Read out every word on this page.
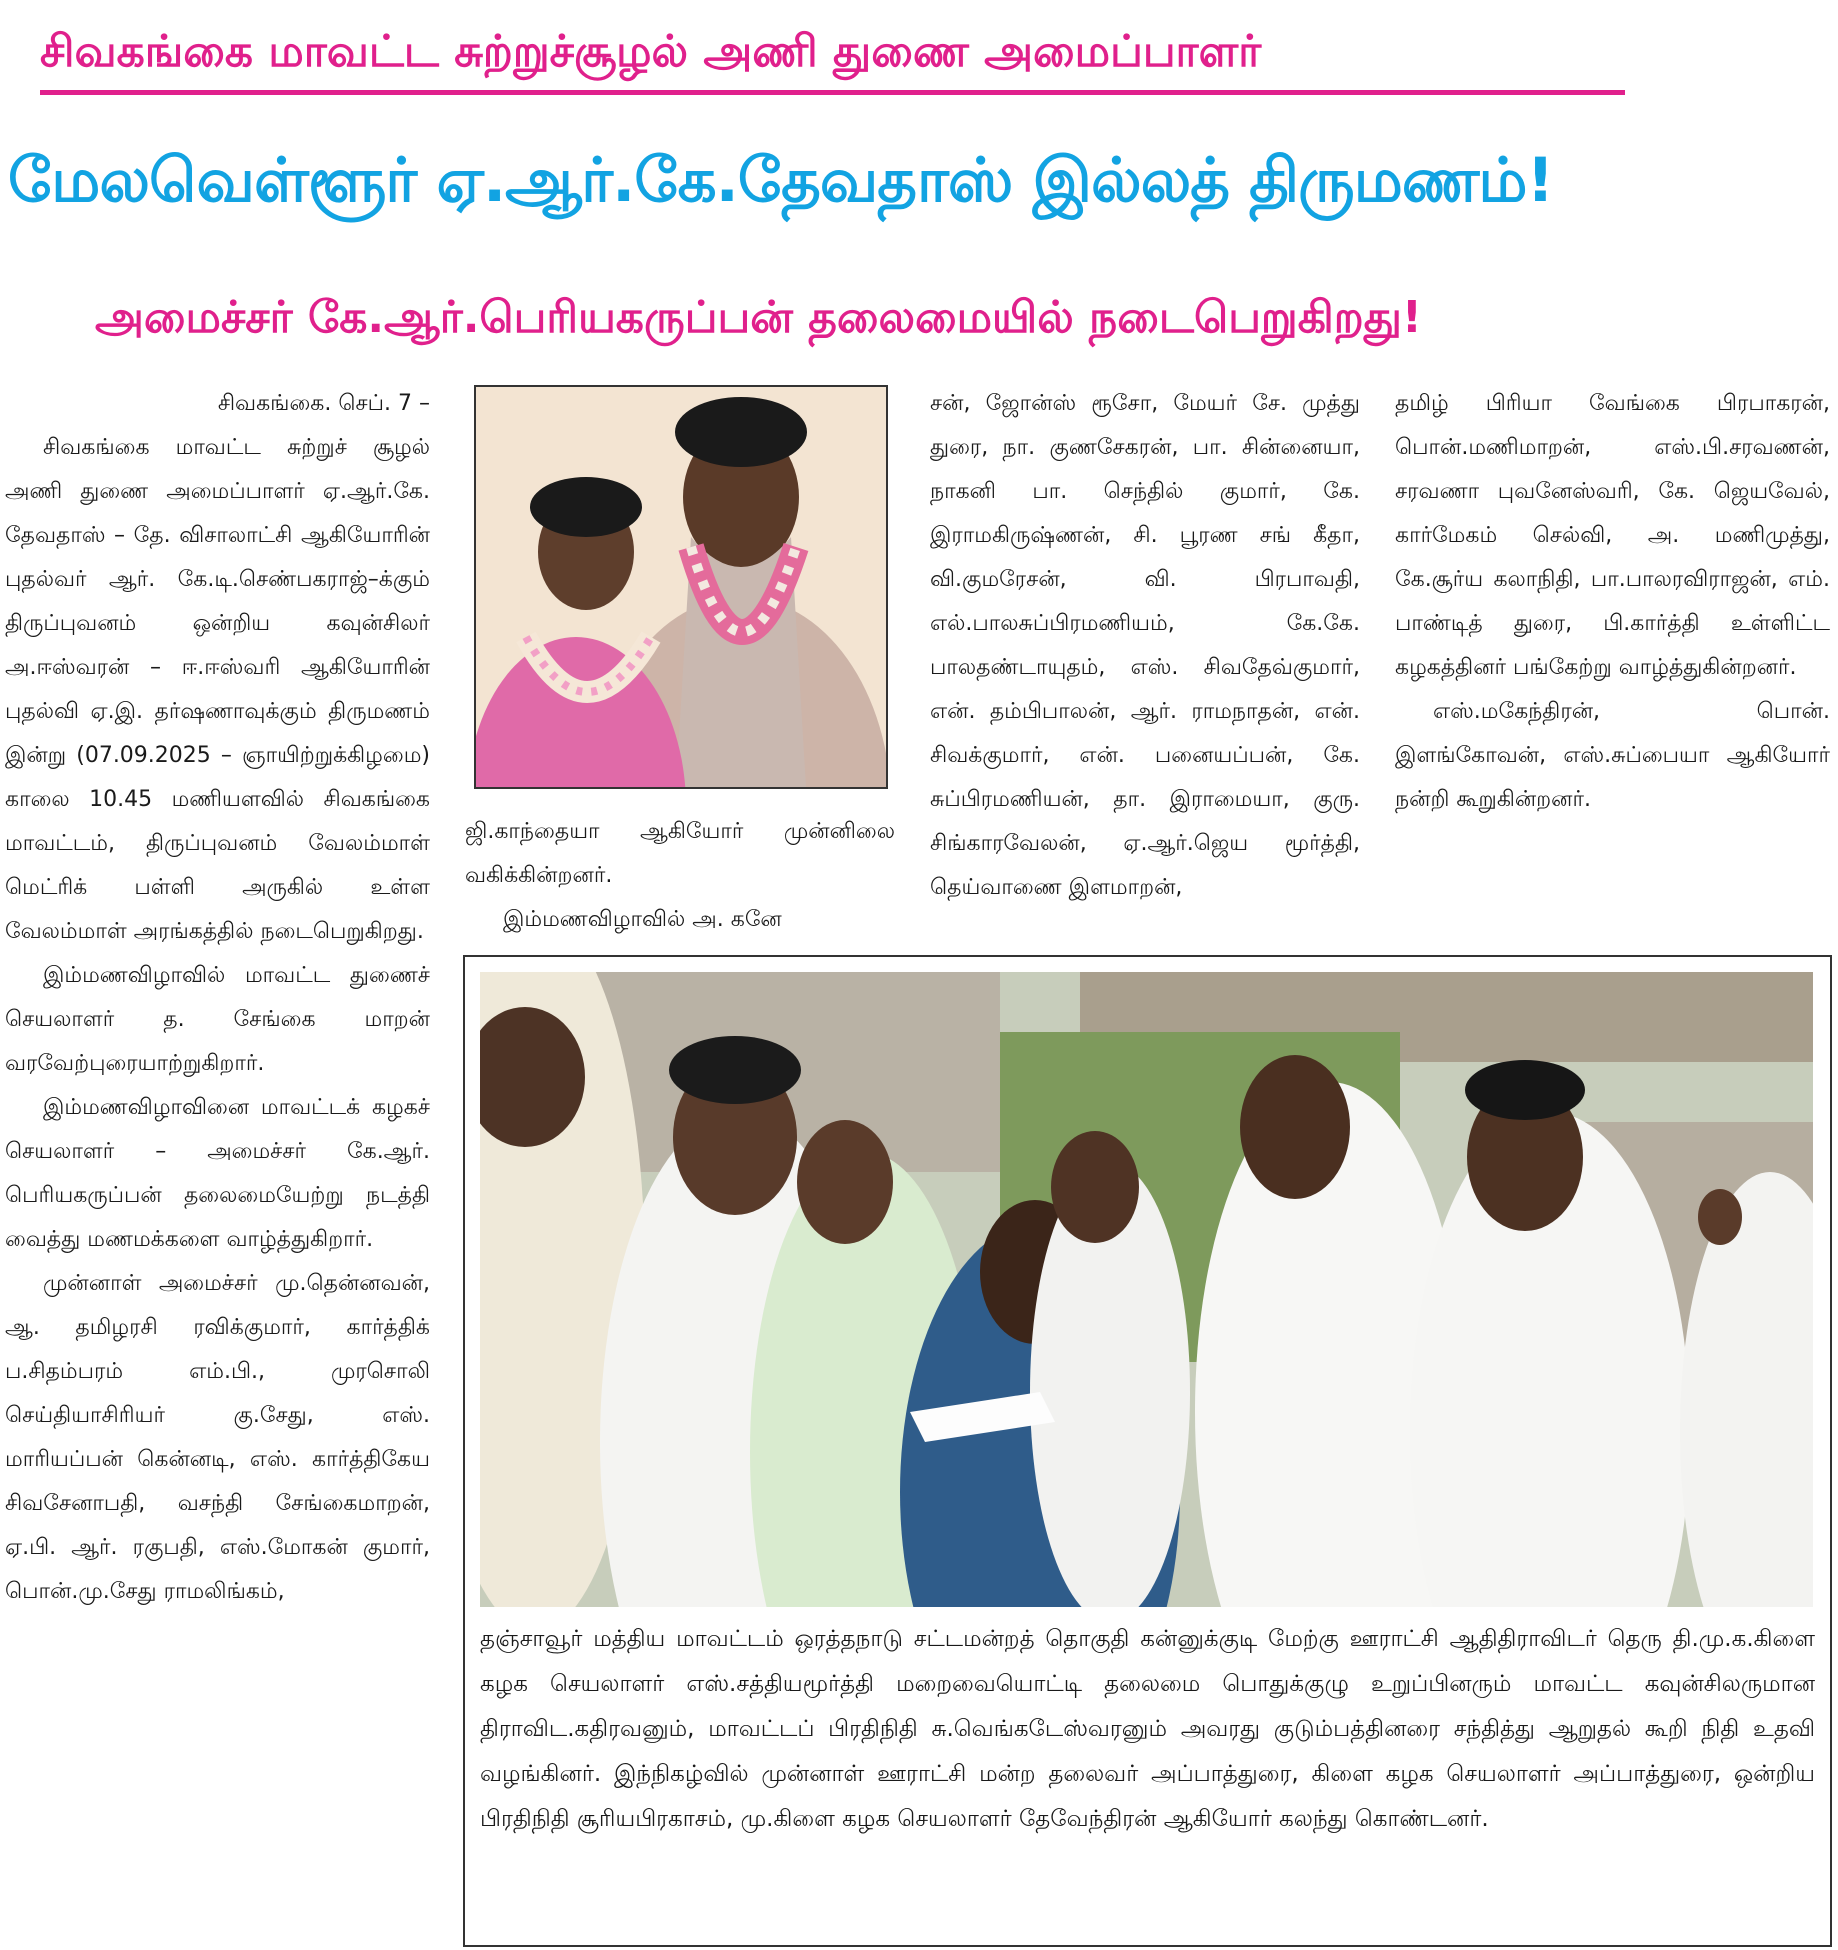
சிவகங்கை மாவட்ட சுற்றுச்சூழல் அணி துணை அமைப்பாளர்
மேலவெள்ளூர் ஏ.ஆர்.கே.தேவதாஸ் இல்லத் திருமணம்!
அமைச்சர் கே.ஆர்.பெரியகருப்பன் தலைமையில் நடைபெறுகிறது!

சிவகங்கை. செப். 7 –

சிவகங்கை மாவட்ட சுற்றுச் சூழல் அணி துணை அமைப்பாளர் ஏ.ஆர்.கே. தேவதாஸ் – தே. விசாலாட்சி ஆகியோரின் புதல்வர் ஆர். கே.டி.செண்பகராஜ்–க்கும் திருப்புவனம் ஒன்றிய கவுன்சிலர் அ.ஈஸ்வரன் – ஈ.ஈஸ்வரி ஆகியோரின் புதல்வி ஏ.இ. தர்ஷணாவுக்கும் திருமணம் இன்று (07.09.2025 – ஞாயிற்றுக்கிழமை) காலை 10.45 மணியளவில் சிவகங்கை மாவட்டம், திருப்புவனம் வேலம்மாள் மெட்ரிக் பள்ளி அருகில் உள்ள வேலம்மாள் அரங்கத்தில் நடைபெறுகிறது.

இம்மணவிழாவில் மாவட்ட துணைச் செயலாளர் த. சேங்கை மாறன் வரவேற்புரையாற்றுகிறார்.

இம்மணவிழாவினை மாவட்டக் கழகச் செயலாளர் – அமைச்சர் கே.ஆர். பெரியகருப்பன் தலைமையேற்று நடத்தி வைத்து மணமக்களை வாழ்த்துகிறார்.

முன்னாள் அமைச்சர் மு.தென்னவன், ஆ. தமிழரசி ரவிக்குமார், கார்த்திக் ப.சிதம்பரம் எம்.பி., முரசொலி செய்தியாசிரியர் கு.சேது, எஸ். மாரியப்பன் கென்னடி, எஸ். கார்த்திகேய சிவசேனாபதி, வசந்தி சேங்கைமாறன், ஏ.பி. ஆர். ரகுபதி, எஸ்.மோகன் குமார், பொன்.மு.சேது ராமலிங்கம்,

ஜி.காந்தையா ஆகியோர் முன்னிலை வகிக்கின்றனர்.

இம்மணவிழாவில் அ. கனே

சன், ஜோன்ஸ் ரூசோ, மேயர் சே. முத்து துரை, நா. குணசேகரன், பா. சின்னையா, நாகனி பா. செந்தில் குமார், கே. இராமகிருஷ்ணன், சி. பூரண சங் கீதா, வி.குமரேசன், வி. பிரபாவதி, எல்.பாலசுப்பிரமணியம், கே.கே. பாலதண்டாயுதம், எஸ். சிவதேவ்குமார், என். தம்பிபாலன், ஆர். ராமநாதன், என். சிவக்குமார், என். பனையப்பன், கே. சுப்பிரமணியன், தா. இராமையா, குரு. சிங்காரவேலன், ஏ.ஆர்.ஜெய மூர்த்தி, தெய்வாணை இளமாறன்,

தமிழ் பிரியா வேங்கை பிரபாகரன், பொன்.மணிமாறன், எஸ்.பி.சரவணன், சரவணா புவனேஸ்வரி, கே. ஜெயவேல், கார்மேகம் செல்வி, அ. மணிமுத்து, கே.சூர்ய கலாநிதி, பா.பாலரவிராஜன், எம். பாண்டித் துரை, பி.கார்த்தி உள்ளிட்ட கழகத்தினர் பங்கேற்று வாழ்த்துகின்றனர்.

எஸ்.மகேந்திரன், பொன். இளங்கோவன், எஸ்.சுப்பையா ஆகியோர் நன்றி கூறுகின்றனர்.

தஞ்சாவூர் மத்திய மாவட்டம் ஒரத்தநாடு சட்டமன்றத் தொகுதி கன்னுக்குடி மேற்கு ஊராட்சி ஆதிதிராவிடர் தெரு தி.மு.க.கிளை கழக செயலாளர் எஸ்.சத்தியமூர்த்தி மறைவையொட்டி தலைமை பொதுக்குழு உறுப்பினரும் மாவட்ட கவுன்சிலருமான திராவிட.கதிரவனும், மாவட்டப் பிரதிநிதி சு.வெங்கடேஸ்வரனும் அவரது குடும்பத்தினரை சந்தித்து ஆறுதல் கூறி நிதி உதவி வழங்கினர். இந்நிகழ்வில் முன்னாள் ஊராட்சி மன்ற தலைவர் அப்பாத்துரை, கிளை கழக செயலாளர் அப்பாத்துரை, ஒன்றிய பிரதிநிதி சூரியபிரகாசம், மு.கிளை கழக செயலாளர் தேவேந்திரன் ஆகியோர் கலந்து கொண்டனர்.
